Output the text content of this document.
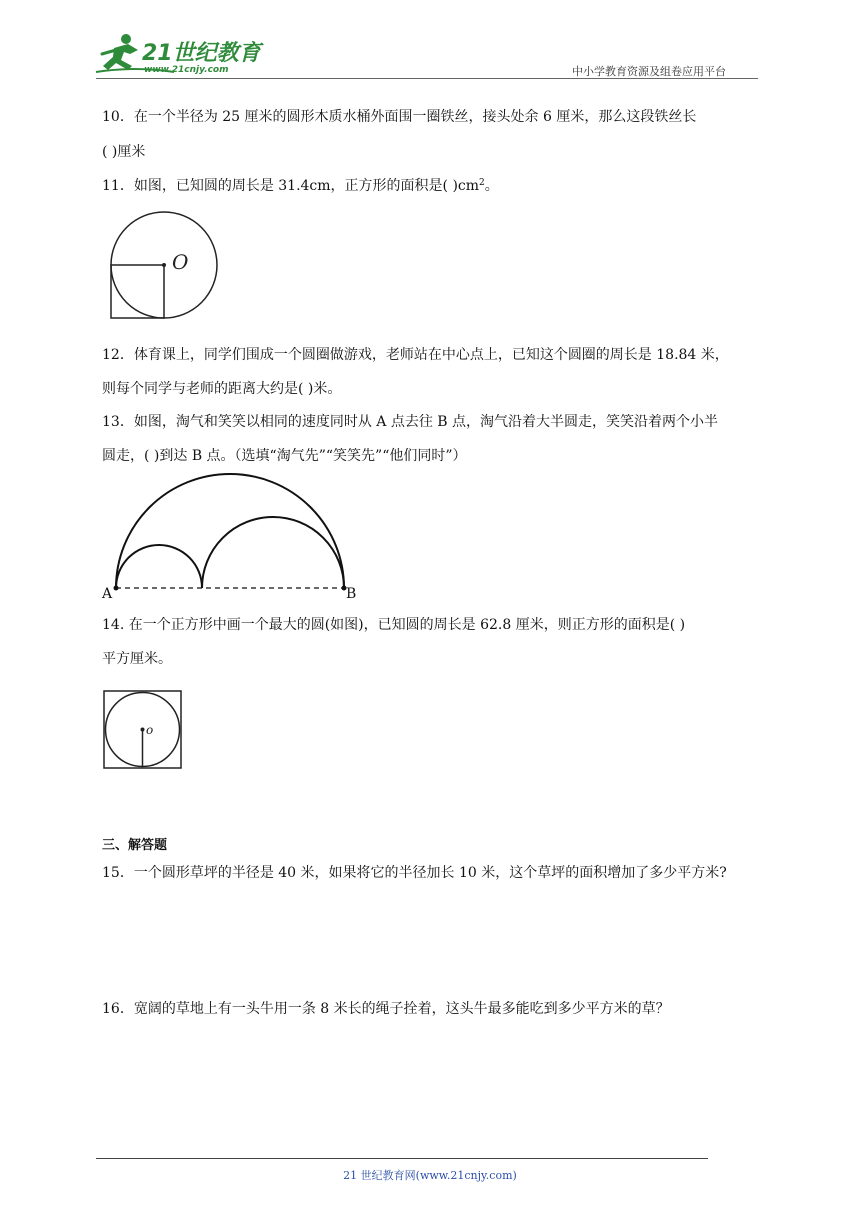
21世纪教育
www.21cnjy.com	中小学教育资源及组卷应用平台
10．在一个半径为 25 厘米的圆形木质水桶外面围一圈铁丝，接头处余 6 厘米，那么这段铁丝长
( )厘米
11．如图，已知圆的周长是 31.4cm，正方形的面积是( )$cm^2$。
O
12．体育课上，同学们围成一个圆圈做游戏，老师站在中心点上，已知这个圆圈的周长是 18.84 米，
则每个同学与老师的距离大约是( )米。
13．如图，淘气和笑笑以相同的速度同时从 A 点去往 B 点，淘气沿着大半圆走，笑笑沿着两个小半
圆走，( )到达 B 点。（选填“淘气先”“笑笑先”“他们同时”）
A	B
14. 在一个正方形中画一个最大的圆(如图)，已知圆的周长是 62.8 厘米，则正方形的面积是( )
平方厘米。
o
三、解答题
15．一个圆形草坪的半径是 40 米，如果将它的半径加长 10 米，这个草坪的面积增加了多少平方米?
16．宽阔的草地上有一头牛用一条 8 米长的绳子拴着，这头牛最多能吃到多少平方米的草？
21 世纪教育网(www.21cnjy.com)
